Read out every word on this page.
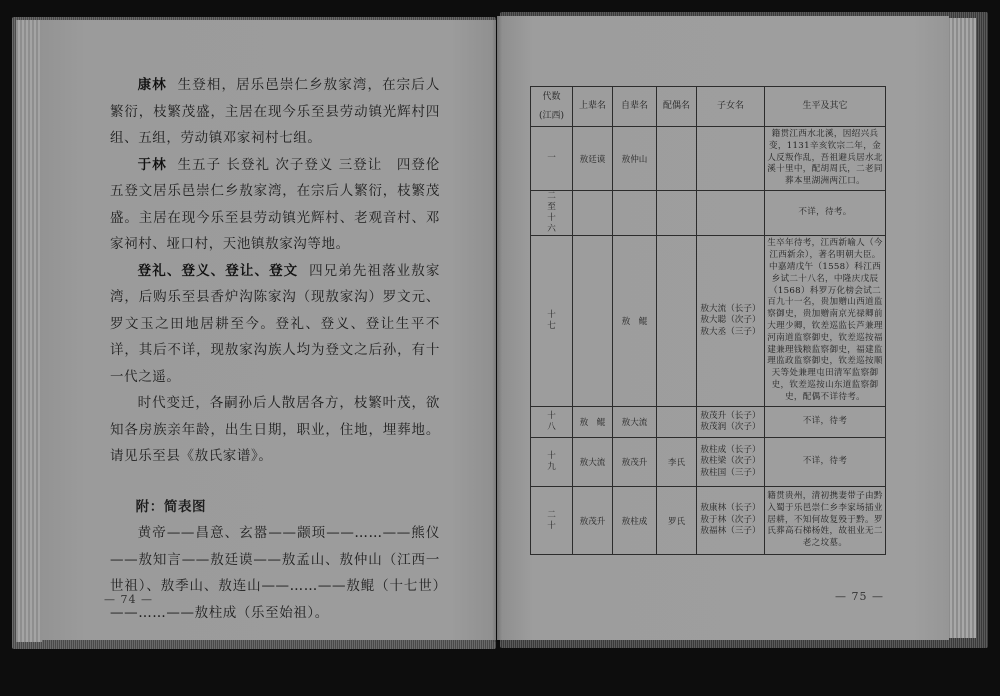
康林 生登相，居乐邑崇仁乡敖家湾，在宗后人繁衍，枝繁茂盛，主居在现今乐至县劳动镇光辉村四组、五组，劳动镇邓家祠村七组。

于林 生五子 长登礼 次子登义 三登让　四登伦 五登文居乐邑崇仁乡敖家湾，在宗后人繁衍，枝繁茂盛。主居在现今乐至县劳动镇光辉村、老观音村、邓家祠村、垭口村，天池镇敖家沟等地。

登礼、登义、登让、登文 四兄弟先祖落业敖家湾，后购乐至县香炉沟陈家沟（现敖家沟）罗文元、罗文玉之田地居耕至今。登礼、登义、登让生平不详，其后不详，现敖家沟族人均为登文之后孙，有十一代之遥。

时代变迁，各嗣孙后人散居各方，枝繁叶茂，欲知各房族亲年龄，出生日期，职业，住地，埋葬地。请见乐至县《敖氏家谱》。

附：简表图

黄帝——昌意、玄嚣——颛顼——……——熊仪——敖知言——敖廷谟——敖孟山、敖仲山（江西一世祖）、敖季山、敖连山——……——敖鲲（十七世）——……——敖柱成（乐至始祖）。

— 74 —
代数
(江西)	上辈名	自辈名	配偶名	子女名	生平及其它

一	敖廷谟	敖仲山			籍贯江西水北溪，因绍兴兵变，1131辛亥钦宗二年，金人反叛作乱，吾祖避兵居水北溪十里中，配胡周氏，二老同葬本里湖洲两江口。

二
至
十
六					不详，待考。

十
七		敖　鲲		敖大流（长子）
敖大聪（次子）
敖大丞（三子）	生卒年待考，江西新喻人（今江西新余），著名明朝大臣。中嘉靖戊午（1558）科江西乡试二十八名，中隆庆戊辰（1568）科罗万化榜会试二百九十一名，贵加赠山西道监察御史，贵加赠南京光禄卿前大理少卿，钦差巡监长芦兼理河南道监察御史，钦差巡按福建兼理钱粮监察御史，福建监理监政监察御史，钦差巡按顺天等处兼理屯田清军监察御史，钦差巡按山东道监察御史，配偶不详待考。

十
八	敖　鲲	敖大流		敖茂升（长子）
敖茂润（次子）	不详，待考

十
九	敖大流	敖茂升	李氏	敖柱成（长子）
敖柱梁（次子）
敖柱国（三子）	不详，待考

二
十	敖茂升	敖柱成	罗氏	敖康林（长子）
敖于林（次子）
敖福林（三子）	籍贯贵州，清初携妻带子由黔入蜀于乐邑崇仁乡李家场插业居耕，不知何故复殁于黔。罗氏葬高石梯杨姓，故祖业无二老之坟墓。
— 75 —
